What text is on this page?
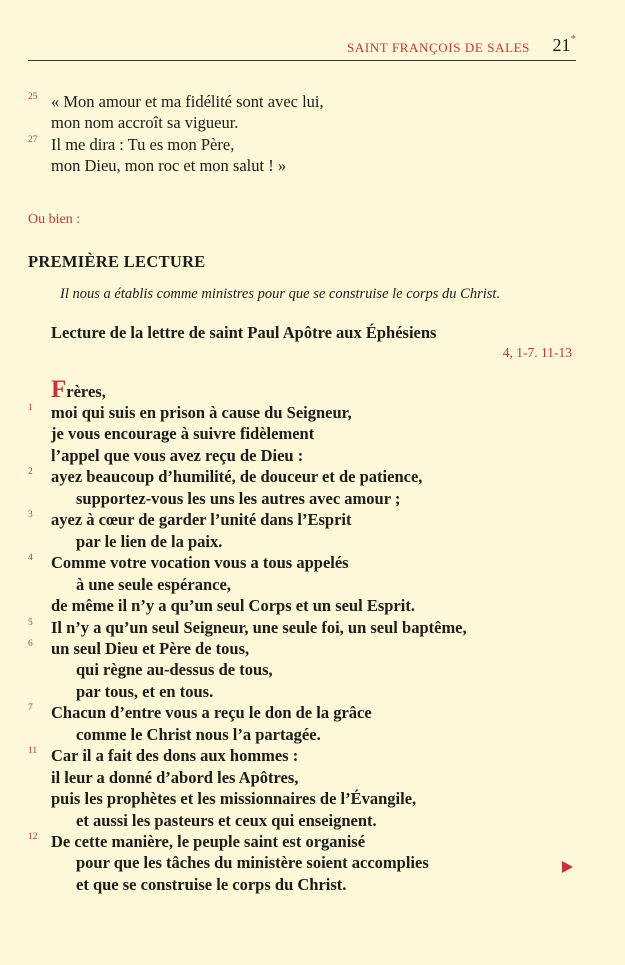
SAINT FRANÇOIS DE SALES 21*
25 « Mon amour et ma fidélité sont avec lui,
mon nom accroît sa vigueur.
27 Il me dira : Tu es mon Père,
mon Dieu, mon roc et mon salut ! »
Ou bien :
PREMIÈRE LECTURE
Il nous a établis comme ministres pour que se construise le corps du Christ.
Lecture de la lettre de saint Paul Apôtre aux Éphésiens
4, 1-7. 11-13
Frères,
1 moi qui suis en prison à cause du Seigneur,
je vous encourage à suivre fidèlement
l’appel que vous avez reçu de Dieu :
2 ayez beaucoup d’humilité, de douceur et de patience,
supportez-vous les uns les autres avec amour ;
3 ayez à cœur de garder l’unité dans l’Esprit
par le lien de la paix.
4 Comme votre vocation vous a tous appelés
à une seule espérance,
de même il n’y a qu’un seul Corps et un seul Esprit.
5 Il n’y a qu’un seul Seigneur, une seule foi, un seul baptême,
6 un seul Dieu et Père de tous,
qui règne au-dessus de tous,
par tous, et en tous.
7 Chacun d’entre vous a reçu le don de la grâce
comme le Christ nous l’a partagée.
11 Car il a fait des dons aux hommes :
il leur a donné d’abord les Apôtres,
puis les prophètes et les missionnaires de l’Évangile,
et aussi les pasteurs et ceux qui enseignent.
12 De cette manière, le peuple saint est organisé
pour que les tâches du ministère soient accomplies
et que se construise le corps du Christ.
